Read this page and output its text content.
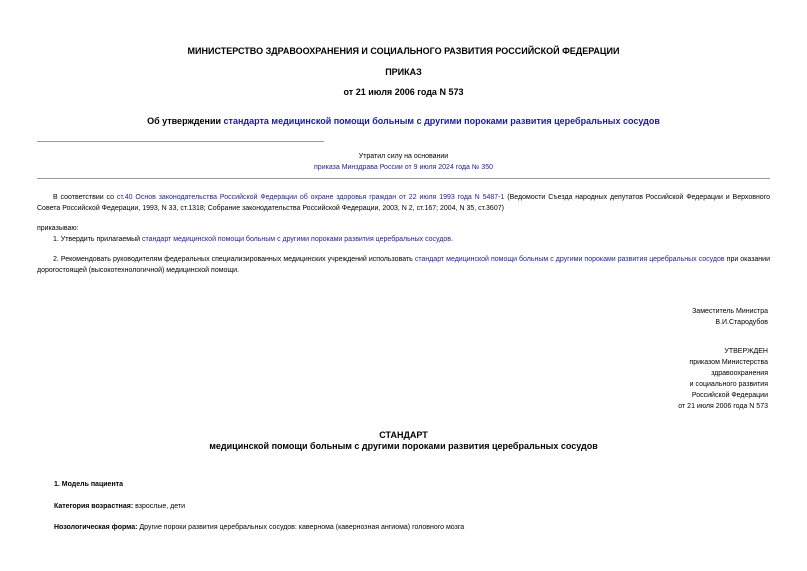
МИНИСТЕРСТВО ЗДРАВООХРАНЕНИЯ И СОЦИАЛЬНОГО РАЗВИТИЯ РОССИЙСКОЙ ФЕДЕРАЦИИ
ПРИКАЗ
от 21 июля 2006 года N 573
Об утверждении стандарта медицинской помощи больным с другими пороками развития церебральных сосудов
Утратил силу на основании
приказа Минздрава России от 9 июля 2024 года № 350
В соответствии со ст.40 Основ законодательства Российской Федерации об охране здоровья граждан от 22 июля 1993 года N 5487-1 (Ведомости Съезда народных депутатов Российской Федерации и Верховного Совета Российской Федерации, 1993, N 33, ст.1318; Собрание законодательства Российской Федерации, 2003, N 2, ст.167; 2004, N 35, ст.3607)
приказываю:
1. Утвердить прилагаемый стандарт медицинской помощи больным с другими пороками развития церебральных сосудов.
2. Рекомендовать руководителям федеральных специализированных медицинских учреждений использовать стандарт медицинской помощи больным с другими пороками развития церебральных сосудов при оказании дорогостоящей (высокотехнологичной) медицинской помощи.
Заместитель Министра
В.И.Стародубов
УТВЕРЖДЕН
приказом Министерства
здравоохранения
и социального развития
Российской Федерации
от 21 июля 2006 года N 573
СТАНДАРТ
медицинской помощи больным с другими пороками развития церебральных сосудов
1. Модель пациента
Категория возрастная: взрослые, дети
Нозологическая форма: Другие пороки развития церебральных сосудов: каверномa (кавернозная ангиома) головного мозга
